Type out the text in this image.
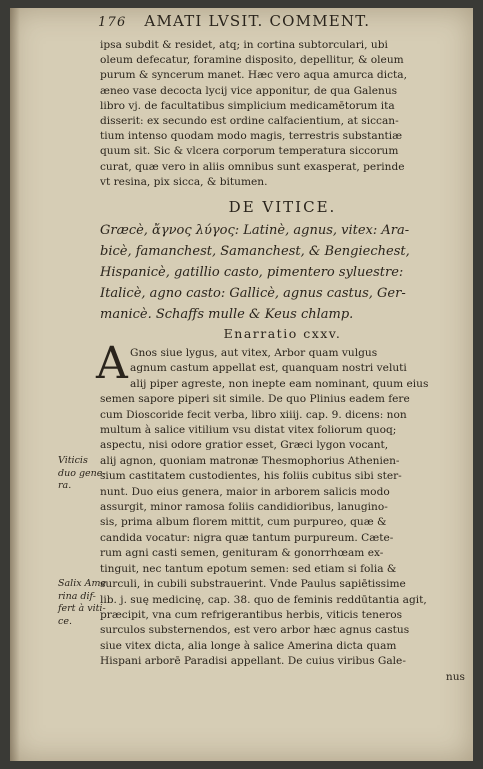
176 AMATI LVSIT. COMMENT.
ipsa subdit & residet, atq; in cortina subtorculari, ubi
oleum defecatur, foramine disposito, depellitur, & oleum
purum & syncerum manet. Hæc vero aqua amurca dicta,
æneo vase decocta lycij vice apponitur, de qua Galenus
libro vj. de facultatibus simplicium medicamētorum ita
disserit: ex secundo est ordine calfacientium, at siccan-
tium intenso quodam modo magis, terrestris substantiæ
quum sit. Sic & vlcera corporum temperatura siccorum
curat, quæ vero in aliis omnibus sunt exasperat, perinde
vt resina, pix sicca, & bitumen.
DE VITICE.
Græcè, ἄγνος λύγος: Latinè, agnus, vitex: Ara-
bicè, famanchest, Samanchest, & Bengiechest,
Hispanicè, gatillio casto, pimentero syluestre:
Italicè, agno casto: Gallicè, agnus castus, Ger-
manicè. Schaffs mulle & Keus chlamp.
Enarratio cxxv.
A Gnos siue lygus, aut vitex, Arbor quam vulgus
agnum castum appellat est, quanquam nostri veluti
alij piper agreste, non inepte eam nominant, quum eius
semen sapore piperi sit simile. De quo Plinius eadem fere
cum Dioscoride fecit verba, libro xiiij. cap. 9. dicens: non
multum à salice vitilium vsu distat vitex foliorum quoq;
aspectu, nisi odore gratior esset, Græci lygon vocant,
alij agnon, quoniam matronæ Thesmophorius Athenien-
sium castitatem custodientes, his foliis cubitus sibi ster-
nunt. Duo eius genera, maior in arborem salicis modo
assurgit, minor ramosa foliis candidioribus, lanugino-
sis, prima album florem mittit, cum purpureo, quæ &
candida vocatur: nigra quæ tantum purpureum. Cæte-
rum agni casti semen, genituram & gonorrhœam ex-
tinguit, nec tantum epotum semen: sed etiam si folia &
surculi, in cubili substrauerint. Vnde Paulus sapiētissime
lib. j. suę medicinę, cap. 38. quo de feminis reddūtantia agit,
præcipit, vna cum refrigerantibus herbis, viticis teneros
surculos substernendos, est vero arbor hæc agnus castus
siue vitex dicta, alia longe à salice Amerina dicta quam
Hispani arborē Paradisi appellant. De cuius viribus Gale-
nus
Viticis
duo gene-
ra.
Salix Ame
rina dif-
fert à viti-
ce.
